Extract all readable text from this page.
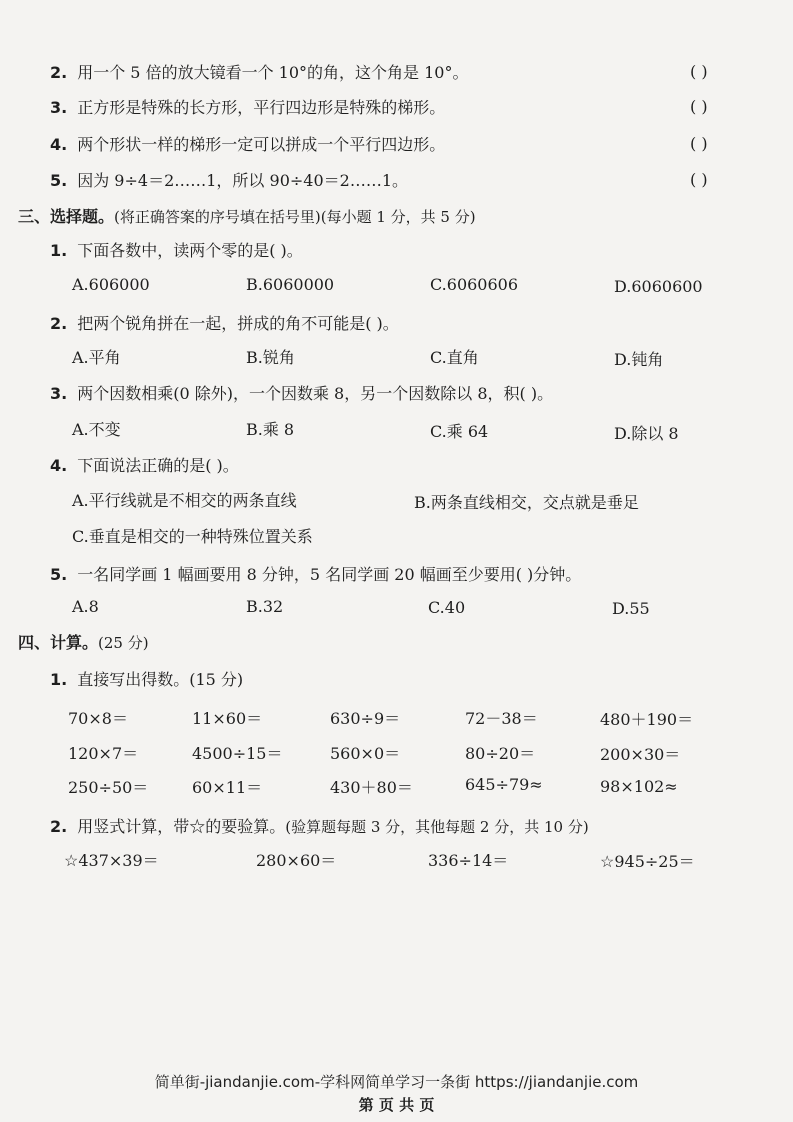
2. 用一个 5 倍的放大镜看一个 10°的角，这个角是 10°。	( )
3. 正方形是特殊的长方形，平行四边形是特殊的梯形。	( )
4. 两个形状一样的梯形一定可以拼成一个平行四边形。	( )
5. 因为 9÷4＝2……1，所以 90÷40＝2……1。	( )
三、选择题。(将正确答案的序号填在括号里)(每小题 1 分，共 5 分)
1. 下面各数中，读两个零的是( )。
A.606000	B.6060000	C.6060606	D.6060600
2. 把两个锐角拼在一起，拼成的角不可能是( )。
A.平角	B.锐角	C.直角	D.钝角
3. 两个因数相乘(0 除外)，一个因数乘 8，另一个因数除以 8，积( )。
A.不变	B.乘 8	C.乘 64	D.除以 8
4. 下面说法正确的是( )。
A.平行线就是不相交的两条直线	B.两条直线相交，交点就是垂足
C.垂直是相交的一种特殊位置关系
5. 一名同学画 1 幅画要用 8 分钟，5 名同学画 20 幅画至少要用( )分钟。
A.8	B.32	C.40	D.55
四、计算。(25 分)
1. 直接写出得数。(15 分)
70×8＝	11×60＝	630÷9＝	72－38＝	480＋190＝
120×7＝	4500÷15＝	560×0＝	80÷20＝	200×30＝
250÷50＝	60×11＝	430＋80＝	645÷79≈	98×102≈
2. 用竖式计算，带☆的要验算。(验算题每题 3 分，其他每题 2 分，共 10 分)
☆437×39＝	280×60＝	336÷14＝	☆945÷25＝
简单街-jiandanjie.com-学科网简单学习一条街 https://jiandanjie.com
第 页 共 页
